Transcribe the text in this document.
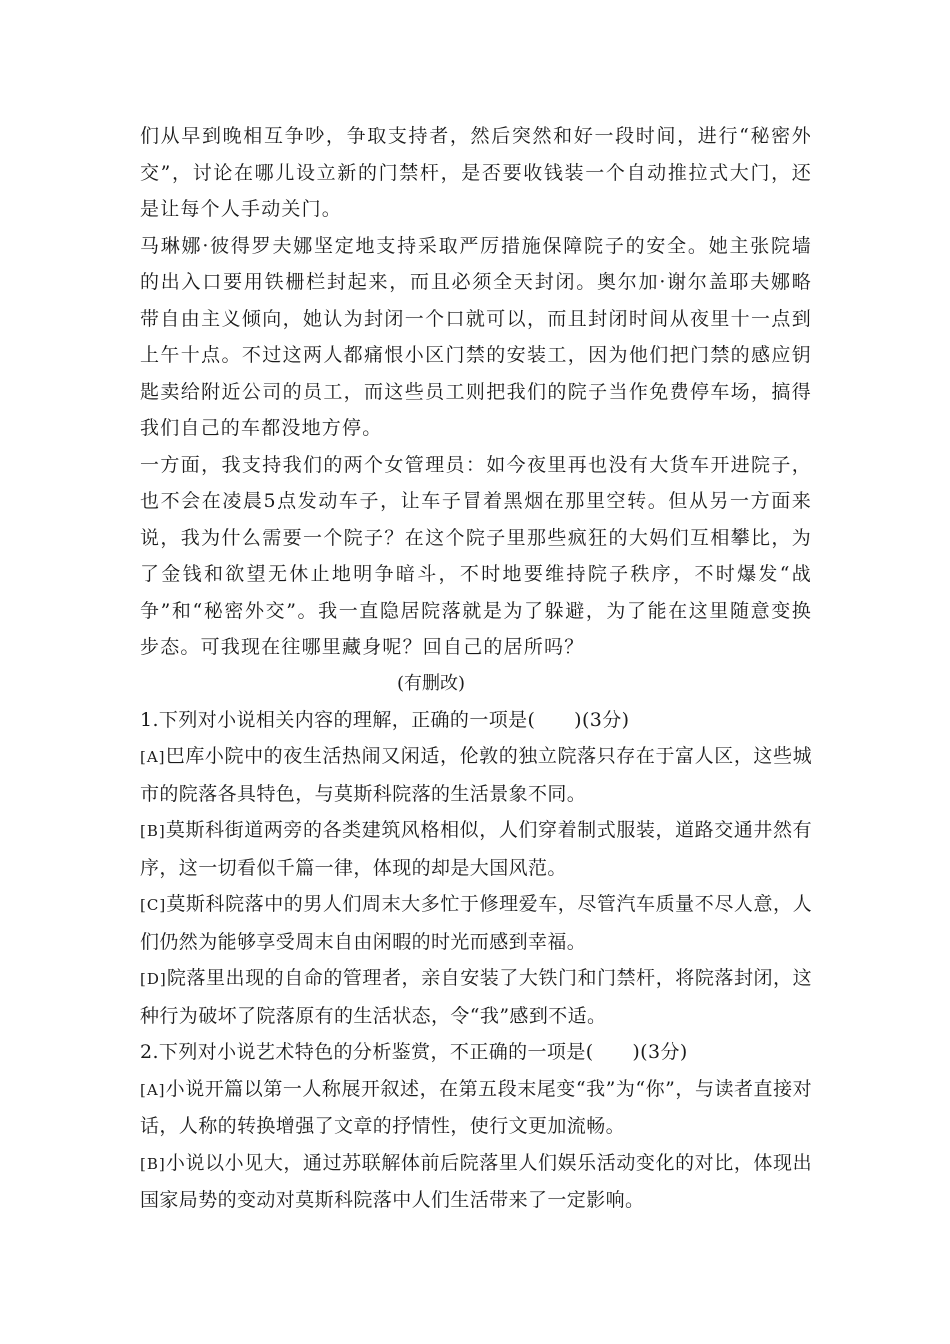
们从早到晚相互争吵，争取支持者，然后突然和好一段时间，进行“秘密外交”，讨论在哪儿设立新的门禁杆，是否要收钱装一个自动推拉式大门，还是让每个人手动关门。

马琳娜·彼得罗夫娜坚定地支持采取严厉措施保障院子的安全。她主张院墙的出入口要用铁栅栏封起来，而且必须全天封闭。奥尔加·谢尔盖耶夫娜略带自由主义倾向，她认为封闭一个口就可以，而且封闭时间从夜里十一点到上午十点。不过这两人都痛恨小区门禁的安装工，因为他们把门禁的感应钥匙卖给附近公司的员工，而这些员工则把我们的院子当作免费停车场，搞得我们自己的车都没地方停。

一方面，我支持我们的两个女管理员：如今夜里再也没有大货车开进院子，也不会在凌晨5点发动车子，让车子冒着黑烟在那里空转。但从另一方面来说，我为什么需要一个院子？在这个院子里那些疯狂的大妈们互相攀比，为了金钱和欲望无休止地明争暗斗，不时地要维持院子秩序，不时爆发“战争”和“秘密外交”。我一直隐居院落就是为了躲避，为了能在这里随意变换步态。可我现在往哪里藏身呢？回自己的居所吗？

(有删改)

1.下列对小说相关内容的理解，正确的一项是(　　)(3分)

[A]巴库小院中的夜生活热闹又闲适，伦敦的独立院落只存在于富人区，这些城市的院落各具特色，与莫斯科院落的生活景象不同。

[B]莫斯科街道两旁的各类建筑风格相似，人们穿着制式服装，道路交通井然有序，这一切看似千篇一律，体现的却是大国风范。

[C]莫斯科院落中的男人们周末大多忙于修理爱车，尽管汽车质量不尽人意，人们仍然为能够享受周末自由闲暇的时光而感到幸福。

[D]院落里出现的自命的管理者，亲自安装了大铁门和门禁杆，将院落封闭，这种行为破坏了院落原有的生活状态，令“我”感到不适。

2.下列对小说艺术特色的分析鉴赏，不正确的一项是(　　)(3分)

[A]小说开篇以第一人称展开叙述，在第五段末尾变“我”为“你”，与读者直接对话，人称的转换增强了文章的抒情性，使行文更加流畅。

[B]小说以小见大，通过苏联解体前后院落里人们娱乐活动变化的对比，体现出国家局势的变动对莫斯科院落中人们生活带来了一定影响。
